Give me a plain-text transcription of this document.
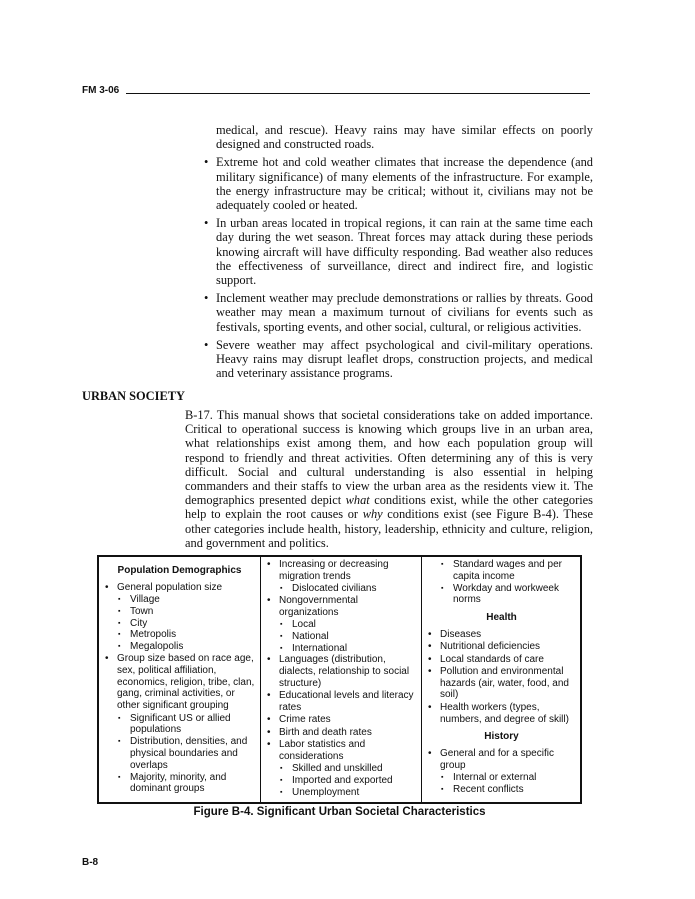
FM 3-06

medical, and rescue). Heavy rains may have similar effects on poorly designed and constructed roads.

• Extreme hot and cold weather climates that increase the dependence (and military significance) of many elements of the infrastructure. For example, the energy infrastructure may be critical; without it, civilians may not be adequately cooled or heated.

• In urban areas located in tropical regions, it can rain at the same time each day during the wet season. Threat forces may attack during these periods knowing aircraft will have difficulty responding. Bad weather also reduces the effectiveness of surveillance, direct and indirect fire, and logistic support.

• Inclement weather may preclude demonstrations or rallies by threats. Good weather may mean a maximum turnout of civilians for events such as festivals, sporting events, and other social, cultural, or religious activities.

• Severe weather may affect psychological and civil-military operations. Heavy rains may disrupt leaflet drops, construction projects, and medical and veterinary assistance programs.

URBAN SOCIETY
B-17. This manual shows that societal considerations take on added importance. Critical to operational success is knowing which groups live in an urban area, what relationships exist among them, and how each population group will respond to friendly and threat activities. Often determining any of this is very difficult. Social and cultural understanding is also essential in helping commanders and their staffs to view the urban area as the residents view it. The demographics presented depict what conditions exist, while the other categories help to explain the root causes or why conditions exist (see Figure B-4). These other categories include health, history, leadership, ethnicity and culture, religion, and government and politics.
Population Demographics
• General population size
▪ Village
▪ Town
▪ City
▪ Metropolis
▪ Megalopolis
• Group size based on race age, sex, political affiliation, economics, religion, tribe, clan, gang, criminal activities, or other significant grouping
▪ Significant US or allied populations
▪ Distribution, densities, and physical boundaries and overlaps
▪ Majority, minority, and dominant groups
• Increasing or decreasing migration trends
▪ Dislocated civilians
• Nongovernmental organizations
▪ Local
▪ National
▪ International
• Languages (distribution, dialects, relationship to social structure)
• Educational levels and literacy rates
• Crime rates
• Birth and death rates
• Labor statistics and considerations
▪ Skilled and unskilled
▪ Imported and exported
▪ Unemployment
▪ Standard wages and per capita income
▪ Workday and workweek norms
Health
• Diseases
• Nutritional deficiencies
• Local standards of care
• Pollution and environmental hazards (air, water, food, and soil)
• Health workers (types, numbers, and degree of skill)
History
• General and for a specific group
▪ Internal or external
▪ Recent conflicts
Figure B-4. Significant Urban Societal Characteristics
B-8
